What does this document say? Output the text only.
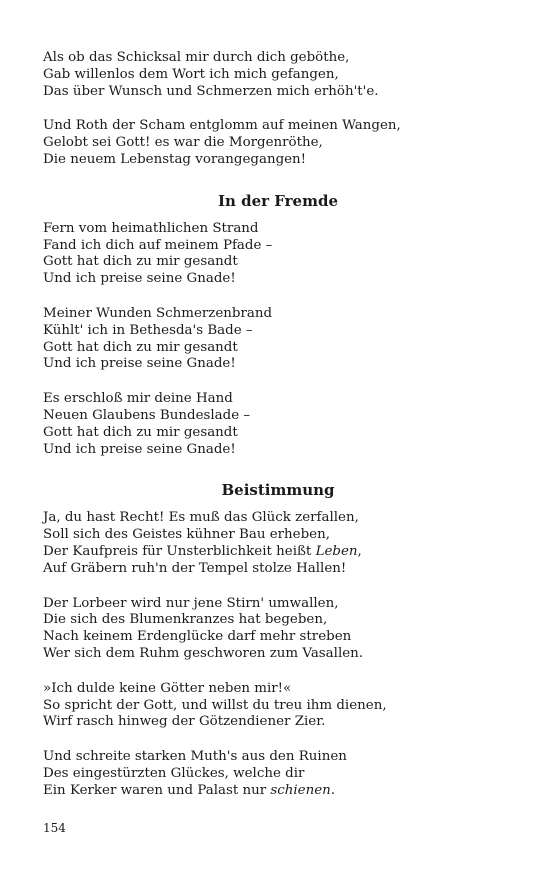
Als ob das Schicksal mir durch dich geböthe,
Gab willenlos dem Wort ich mich gefangen,
Das über Wunsch und Schmerzen mich erhöh't'e.
Und Roth der Scham entglomm auf meinen Wangen,
Gelobt sei Gott! es war die Morgenröthe,
Die neuem Lebenstag vorangegangen!
In der Fremde
Fern vom heimathlichen Strand
Fand ich dich auf meinem Pfade –
Gott hat dich zu mir gesandt
Und ich preise seine Gnade!
Meiner Wunden Schmerzenbrand
Kühlt' ich in Bethesda's Bade –
Gott hat dich zu mir gesandt
Und ich preise seine Gnade!
Es erschloß mir deine Hand
Neuen Glaubens Bundeslade –
Gott hat dich zu mir gesandt
Und ich preise seine Gnade!
Beistimmung
Ja, du hast Recht! Es muß das Glück zerfallen,
Soll sich des Geistes kühner Bau erheben,
Der Kaufpreis für Unsterblichkeit heißt Leben,
Auf Gräbern ruh'n der Tempel stolze Hallen!
Der Lorbeer wird nur jene Stirn' umwallen,
Die sich des Blumenkranzes hat begeben,
Nach keinem Erdenglücke darf mehr streben
Wer sich dem Ruhm geschworen zum Vasallen.
»Ich dulde keine Götter neben mir!«
So spricht der Gott, und willst du treu ihm dienen,
Wirf rasch hinweg der Götzendiener Zier.
Und schreite starken Muth's aus den Ruinen
Des eingestürzten Glückes, welche dir
Ein Kerker waren und Palast nur schienen.
154
